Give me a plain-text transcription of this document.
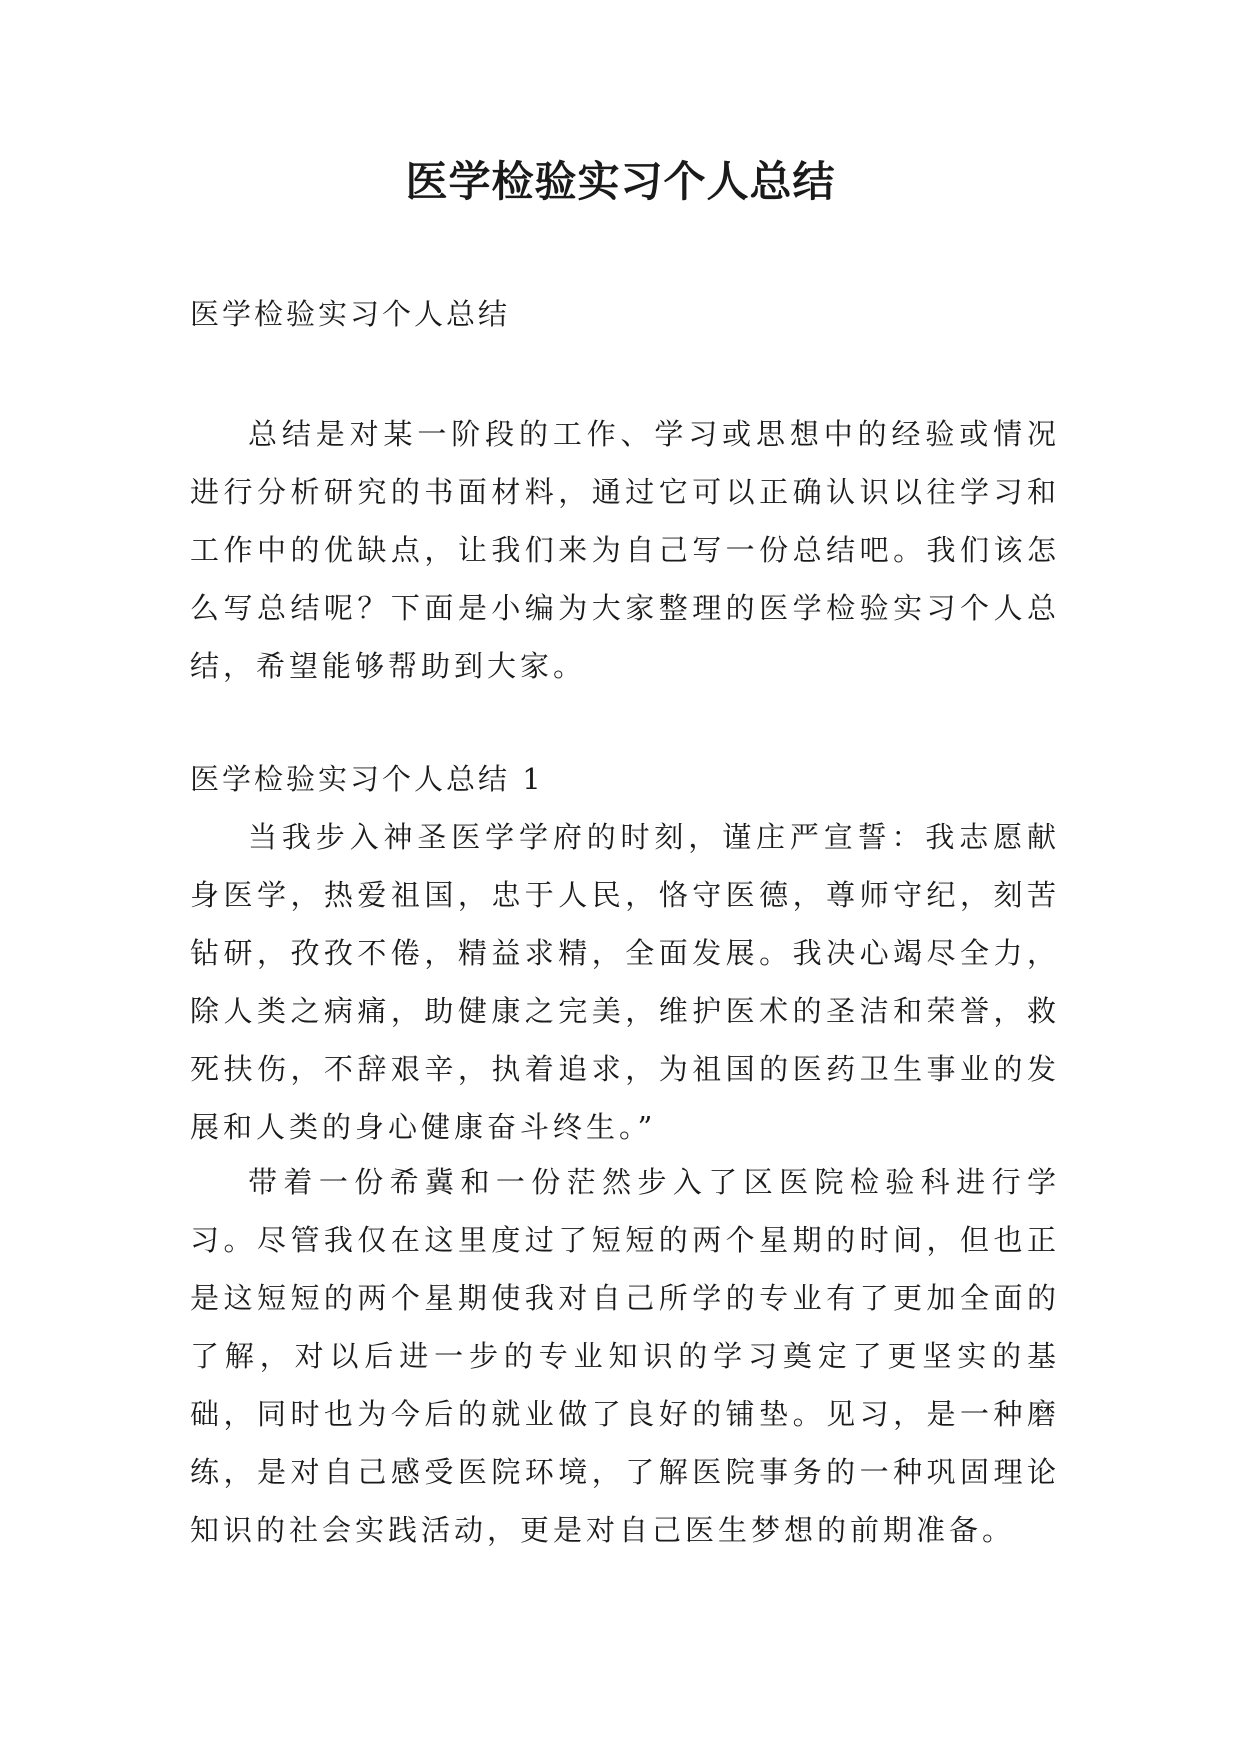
医学检验实习个人总结

医学检验实习个人总结

总结是对某一阶段的工作、学习或思想中的经验或情况进行分析研究的书面材料，通过它可以正确认识以往学习和工作中的优缺点，让我们来为自己写一份总结吧。我们该怎么写总结呢？下面是小编为大家整理的医学检验实习个人总结，希望能够帮助到大家。

医学检验实习个人总结 1

当我步入神圣医学学府的时刻，谨庄严宣誓：我志愿献身医学，热爱祖国，忠于人民，恪守医德，尊师守纪，刻苦钻研，孜孜不倦，精益求精，全面发展。我决心竭尽全力，除人类之病痛，助健康之完美，维护医术的圣洁和荣誉，救死扶伤，不辞艰辛，执着追求，为祖国的医药卫生事业的发展和人类的身心健康奋斗终生。”

带着一份希冀和一份茫然步入了区医院检验科进行学习。尽管我仅在这里度过了短短的两个星期的时间，但也正是这短短的两个星期使我对自己所学的专业有了更加全面的了解，对以后进一步的专业知识的学习奠定了更坚实的基础，同时也为今后的就业做了良好的铺垫。见习，是一种磨练，是对自己感受医院环境，了解医院事务的一种巩固理论知识的社会实践活动，更是对自己医生梦想的前期准备。
